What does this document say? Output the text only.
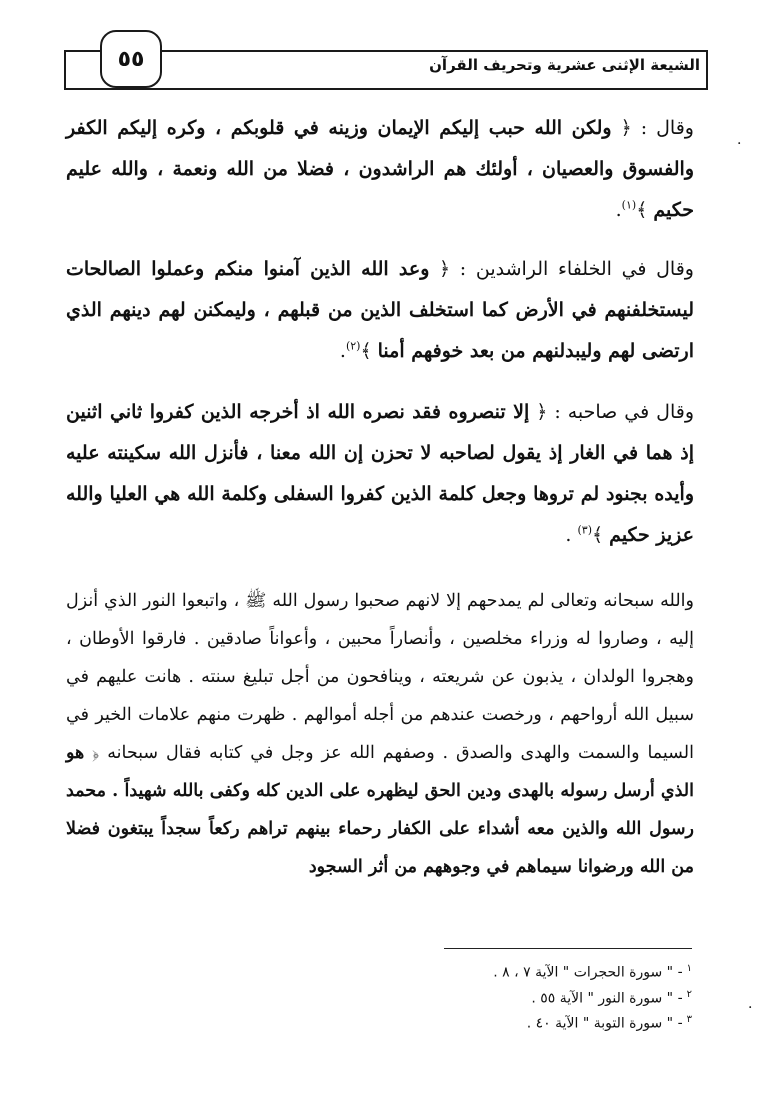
٥٥	الشيعة الإثنى عشرية وتحريف القرآن
وقال : ﴿ ولكن الله حبب إليكم الإيمان وزينه في قلوبكم ، وكره إليكم الكفر والفسوق والعصيان ، أولئك هم الراشدون ، فضلا من الله ونعمة ، والله عليم حكيم ﴾$^{(١)}$.
وقال في الخلفاء الراشدين : ﴿ وعد الله الذين آمنوا منكم وعملوا الصالحات ليستخلفنهم في الأرض كما استخلف الذين من قبلهم ، وليمكنن لهم دينهم الذي ارتضى لهم وليبدلنهم من بعد خوفهم أمنا ﴾$^{(٢)}$.
وقال في صاحبه : ﴿ إلا تنصروه فقد نصره الله اذ أخرجه الذين كفروا ثاني اثنين إذ هما في الغار إذ يقول لصاحبه لا تحزن إن الله معنا ، فأنزل الله سكينته عليه وأيده بجنود لم تروها وجعل كلمة الذين كفروا السفلى وكلمة الله هي العليا والله عزيز حكيم ﴾$^{(٣)}$ .
والله سبحانه وتعالى لم يمدحهم إلا لانهم صحبوا رسول الله ﷺ ، واتبعوا النور الذي أنزل إليه ، وصاروا له وزراء مخلصين ، وأنصاراً محبين ، وأعواناً صادقين . فارقوا الأوطان ، وهجروا الولدان ، يذبون عن شريعته ، وينافحون من أجل تبليغ سنته . هانت عليهم في سبيل الله أرواحهم ، ورخصت عندهم من أجله أموالهم . ظهرت منهم علامات الخير في السيما والسمت والهدى والصدق . وصفهم الله عز وجل في كتابه فقال سبحانه ﴿ هو الذي أرسل رسوله بالهدى ودين الحق ليظهره على الدين كله وكفى بالله شهيداً . محمد رسول الله والذين معه أشداء على الكفار رحماء بينهم تراهم ركعاً سجداً يبتغون فضلا من الله ورضوانا سيماهم في وجوههم من أثر السجود
$^١$- " سورة الحجرات " الآية ٧ ، ٨ .
$^٢$- " سورة النور " الآية ٥٥ .
$^٣$- " سورة التوبة " الآية ٤٠ .
·
·
